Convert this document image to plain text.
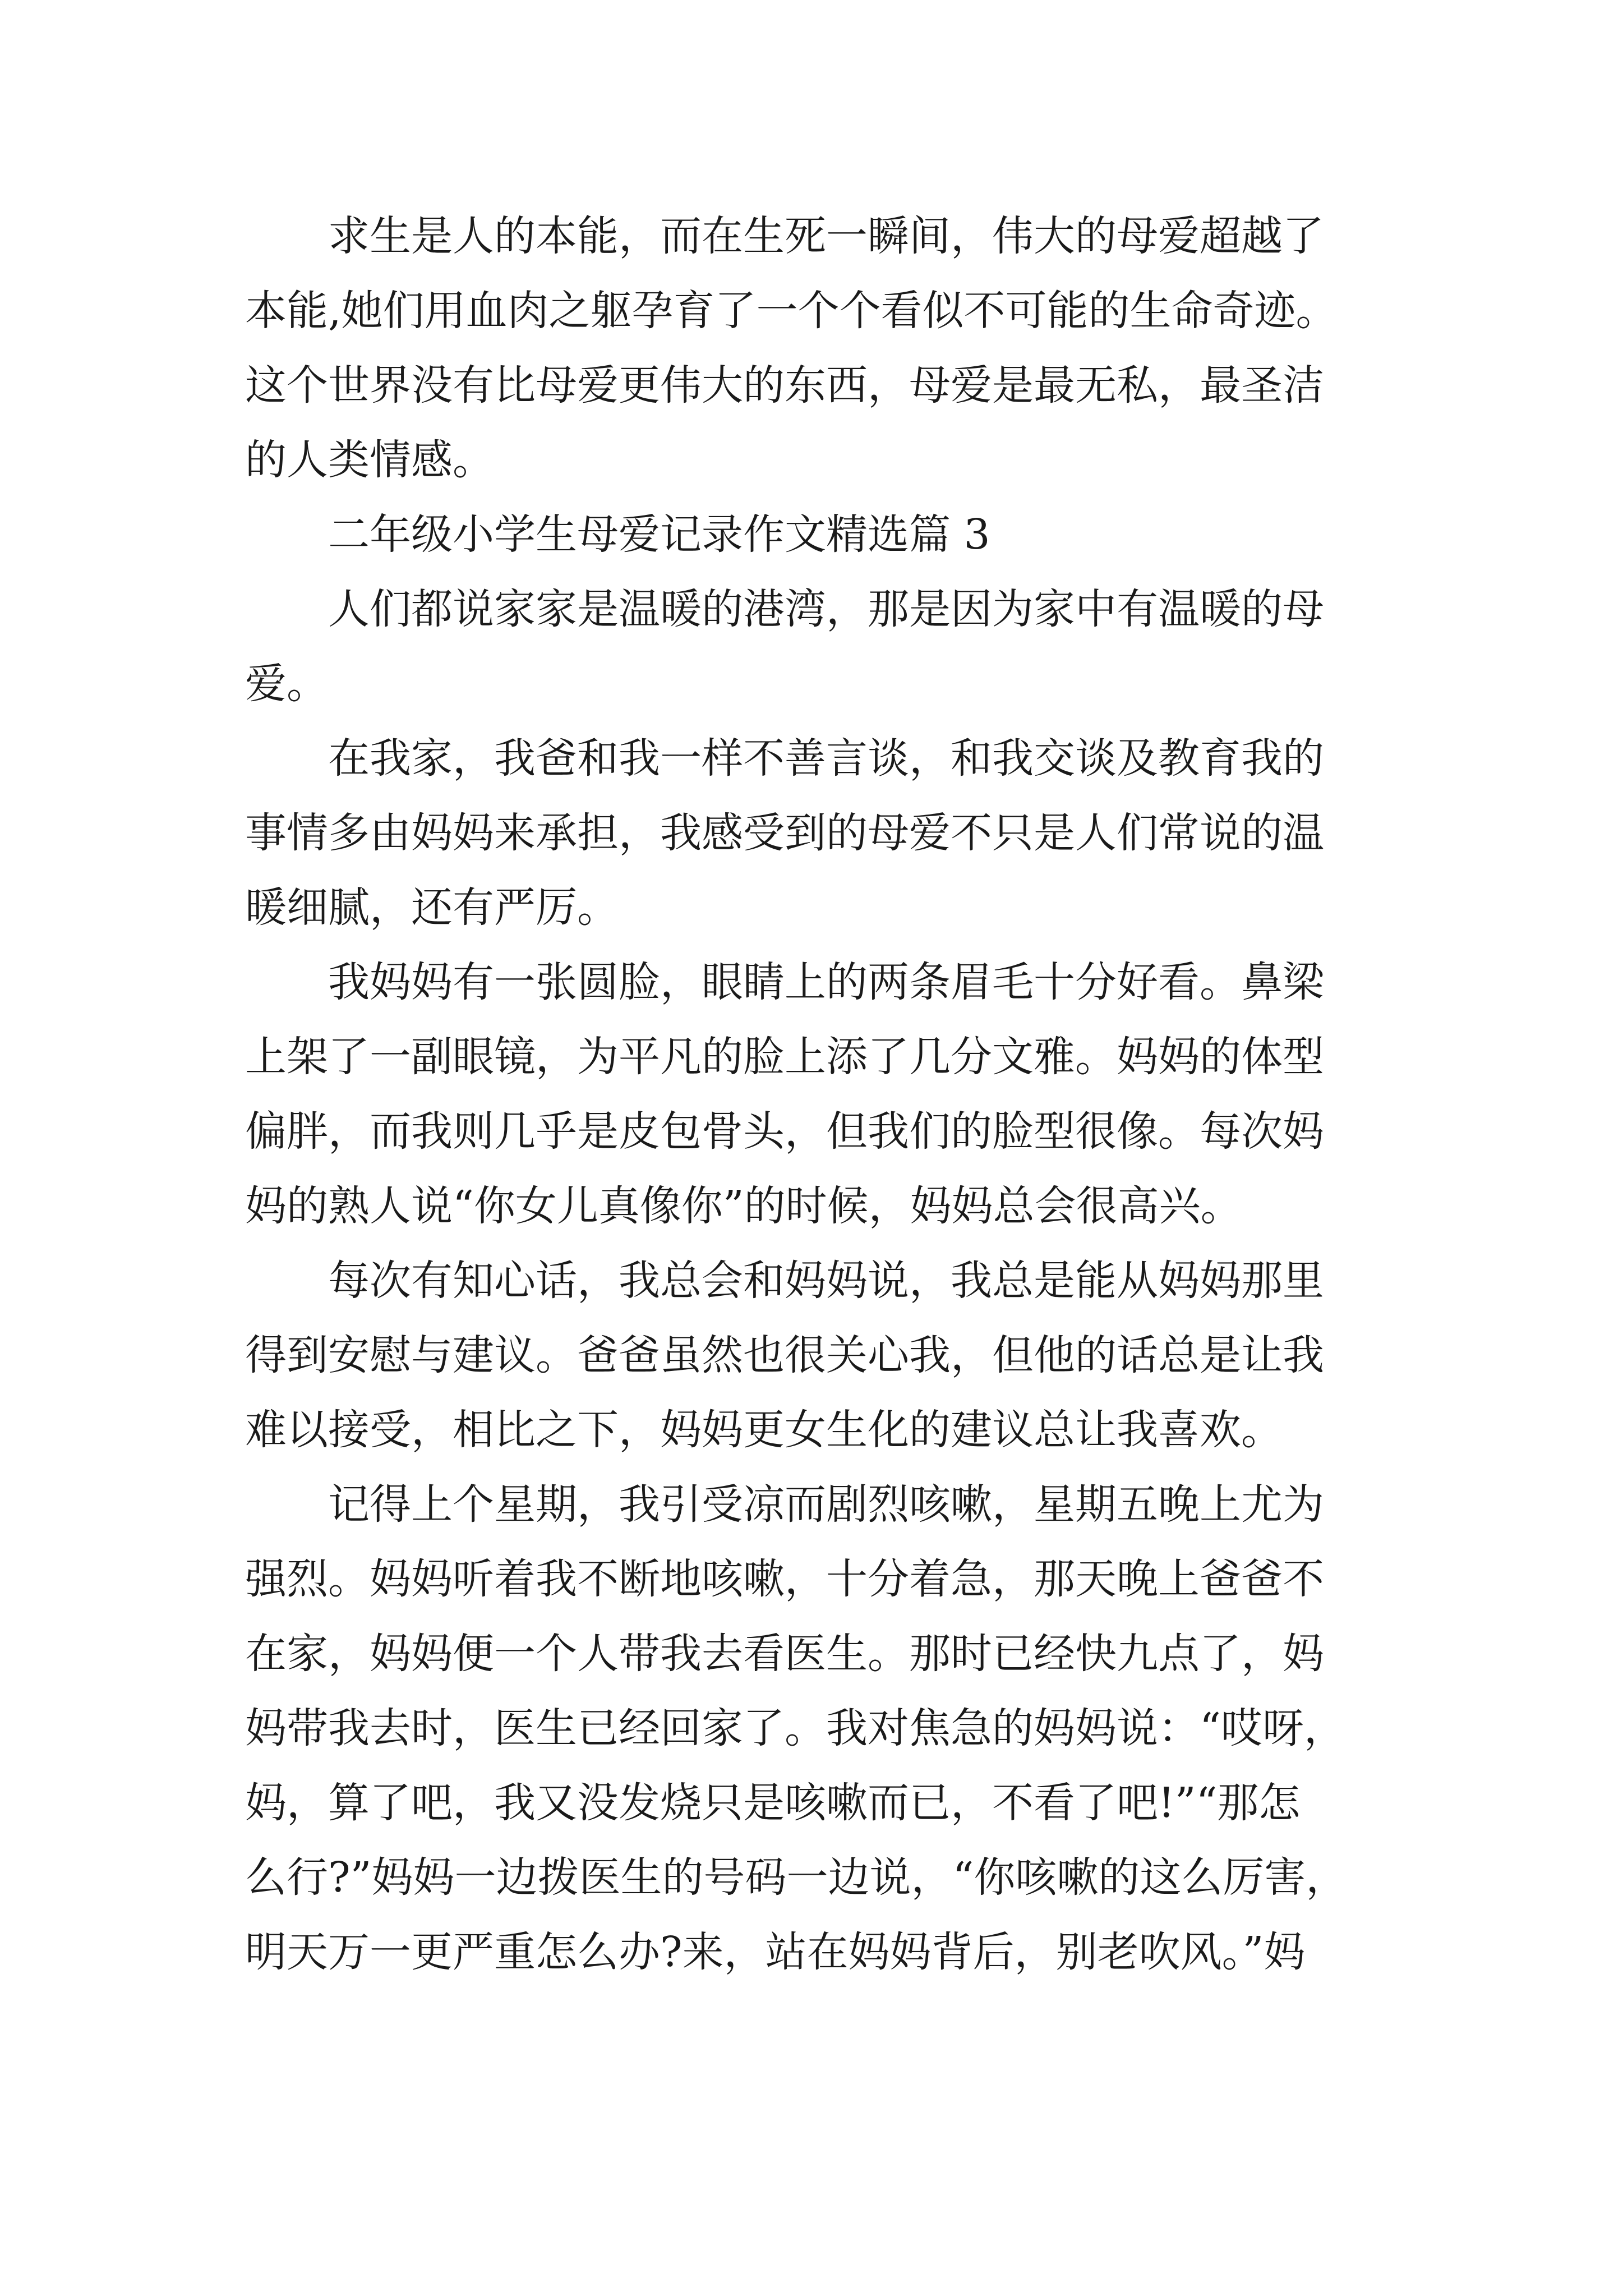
求生是人的本能，而在生死一瞬间，伟大的母爱超越了
本能,她们用血肉之躯孕育了一个个看似不可能的生命奇迹。
这个世界没有比母爱更伟大的东西，母爱是最无私，最圣洁
的人类情感。
二年级小学生母爱记录作文精选篇 3
人们都说家家是温暖的港湾，那是因为家中有温暖的母
爱。
在我家，我爸和我一样不善言谈，和我交谈及教育我的
事情多由妈妈来承担，我感受到的母爱不只是人们常说的温
暖细腻，还有严厉。
我妈妈有一张圆脸，眼睛上的两条眉毛十分好看。鼻梁
上架了一副眼镜，为平凡的脸上添了几分文雅。妈妈的体型
偏胖，而我则几乎是皮包骨头，但我们的脸型很像。每次妈
妈的熟人说“你女儿真像你”的时候，妈妈总会很高兴。
每次有知心话，我总会和妈妈说，我总是能从妈妈那里
得到安慰与建议。爸爸虽然也很关心我，但他的话总是让我
难以接受，相比之下，妈妈更女生化的建议总让我喜欢。
记得上个星期，我引受凉而剧烈咳嗽，星期五晚上尤为
强烈。妈妈听着我不断地咳嗽，十分着急，那天晚上爸爸不
在家，妈妈便一个人带我去看医生。那时已经快九点了，妈
妈带我去时，医生已经回家了。我对焦急的妈妈说：“哎呀，
妈，算了吧，我又没发烧只是咳嗽而已，不看了吧!”“那怎
么行?”妈妈一边拨医生的号码一边说，“你咳嗽的这么厉害，
明天万一更严重怎么办?来，站在妈妈背后，别老吹风。”妈
